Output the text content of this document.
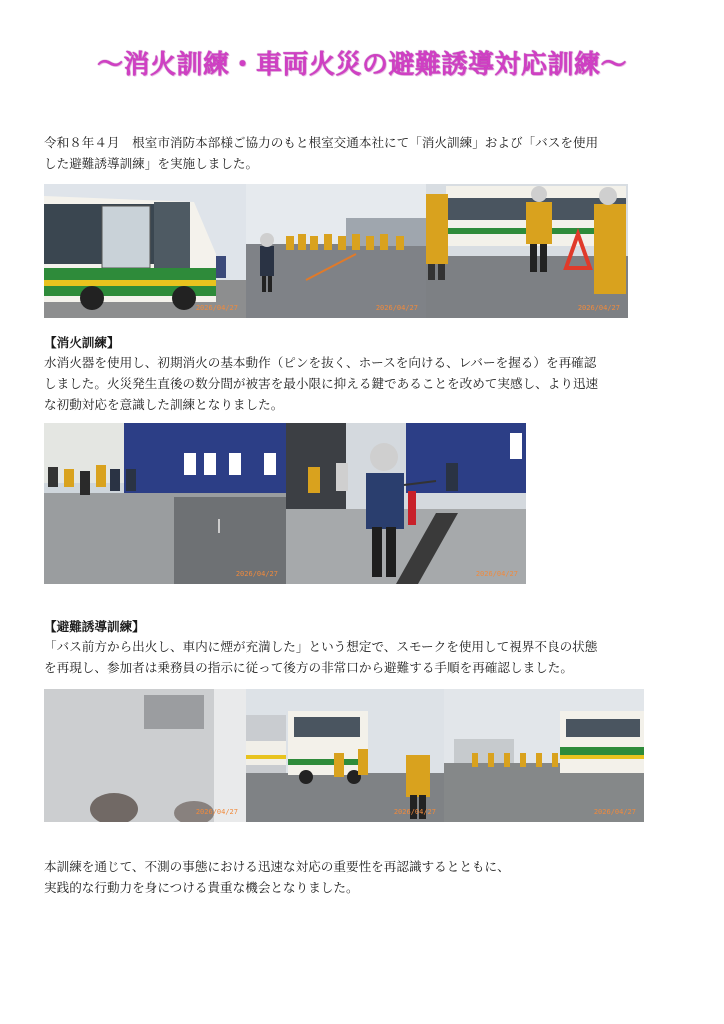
～消火訓練・車両火災の避難誘導対応訓練～

令和８年４月　根室市消防本部様ご協力のもと根室交通本社にて「消火訓練」および「バスを使用
した避難誘導訓練」を実施しました。

2026/04/27	2026/04/27	2026/04/27
【消火訓練】

水消火器を使用し、初期消火の基本動作（ピンを抜く、ホースを向ける、レバーを握る）を再確認
しました。火災発生直後の数分間が被害を最小限に抑える鍵であることを改めて実感し、より迅速
な初動対応を意識した訓練となりました。

2026/04/27	2026/04/27
【避難誘導訓練】

「バス前方から出火し、車内に煙が充満した」という想定で、スモークを使用して視界不良の状態
を再現し、参加者は乗務員の指示に従って後方の非常口から避難する手順を再確認しました。

2026/04/27	2026/04/27	2026/04/27

本訓練を通じて、不測の事態における迅速な対応の重要性を再認識するとともに、
実践的な行動力を身につける貴重な機会となりました。
